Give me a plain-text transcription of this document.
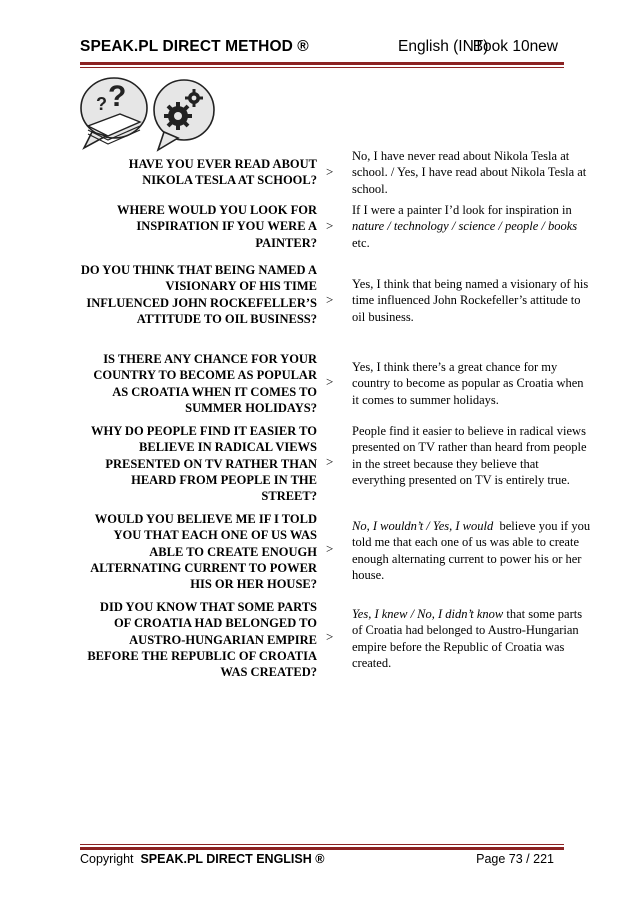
SPEAK.PL DIRECT METHOD ®	English (INT)
Book 10new
? ?
HAVE YOU EVER READ ABOUT NIKOLA TESLA AT SCHOOL?
>
No, I have never read about Nikola Tesla at school. / Yes, I have read about Nikola Tesla at school.
WHERE WOULD YOU LOOK FOR INSPIRATION IF YOU WERE A PAINTER?
>
If I were a painter I’d look for inspiration in nature / technology / science / people / books etc.
DO YOU THINK THAT BEING NAMED A VISIONARY OF HIS TIME INFLUENCED JOHN ROCKEFELLER’S ATTITUDE TO OIL BUSINESS?
>
Yes, I think that being named a visionary of his time influenced John Rockefeller’s attitude to oil business.
IS THERE ANY CHANCE FOR YOUR COUNTRY TO BECOME AS POPULAR AS CROATIA WHEN IT COMES TO SUMMER HOLIDAYS?
>
Yes, I think there’s a great chance for my country to become as popular as Croatia when it comes to summer holidays.
WHY DO PEOPLE FIND IT EASIER TO BELIEVE IN RADICAL VIEWS PRESENTED ON TV RATHER THAN HEARD FROM PEOPLE IN THE STREET?
>
People find it easier to believe in radical views presented on TV rather than heard from people in the street because they believe that everything presented on TV is entirely true.
WOULD YOU BELIEVE ME IF I TOLD YOU THAT EACH ONE OF US WAS ABLE TO CREATE ENOUGH ALTERNATING CURRENT TO POWER HIS OR HER HOUSE?
>
No, I wouldn’t / Yes, I would  believe you if you told me that each one of us was able to create enough alternating current to power his or her house.
DID YOU KNOW THAT SOME PARTS OF CROATIA HAD BELONGED TO AUSTRO-HUNGARIAN EMPIRE BEFORE THE REPUBLIC OF CROATIA WAS CREATED?
>
Yes, I knew / No, I didn’t know that some parts of Croatia had belonged to Austro-Hungarian empire before the Republic of Croatia was created.
Copyright SPEAK.PL DIRECT ENGLISH ®	Page 73 / 221
